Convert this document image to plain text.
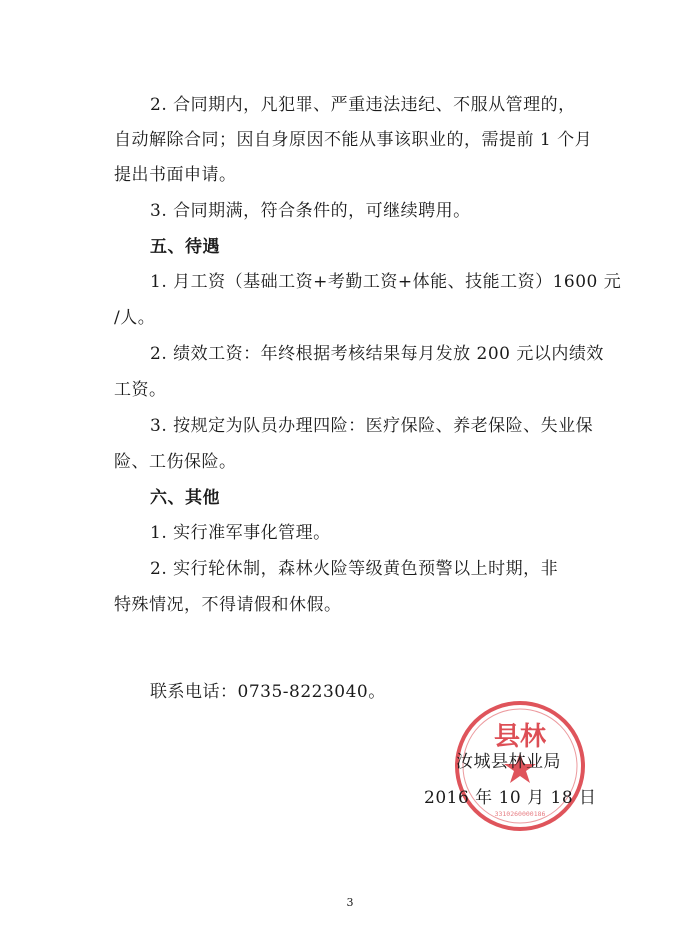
2. 合同期内，凡犯罪、严重违法违纪、不服从管理的，
自动解除合同；因自身原因不能从事该职业的，需提前 1 个月
提出书面申请。
3. 合同期满，符合条件的，可继续聘用。
五、待遇
1. 月工资（基础工资+考勤工资+体能、技能工资）1600 元
/人。
2. 绩效工资：年终根据考核结果每月发放 200 元以内绩效
工资。
3. 按规定为队员办理四险：医疗保险、养老保险、失业保
险、工伤保险。
六、其他
1. 实行准军事化管理。
2. 实行轮休制，森林火险等级黄色预警以上时期，非
特殊情况，不得请假和休假。
联系电话：0735-8223040。
县林
3310260000186
汝城县林业局
2016 年 10 月 18 日
3
